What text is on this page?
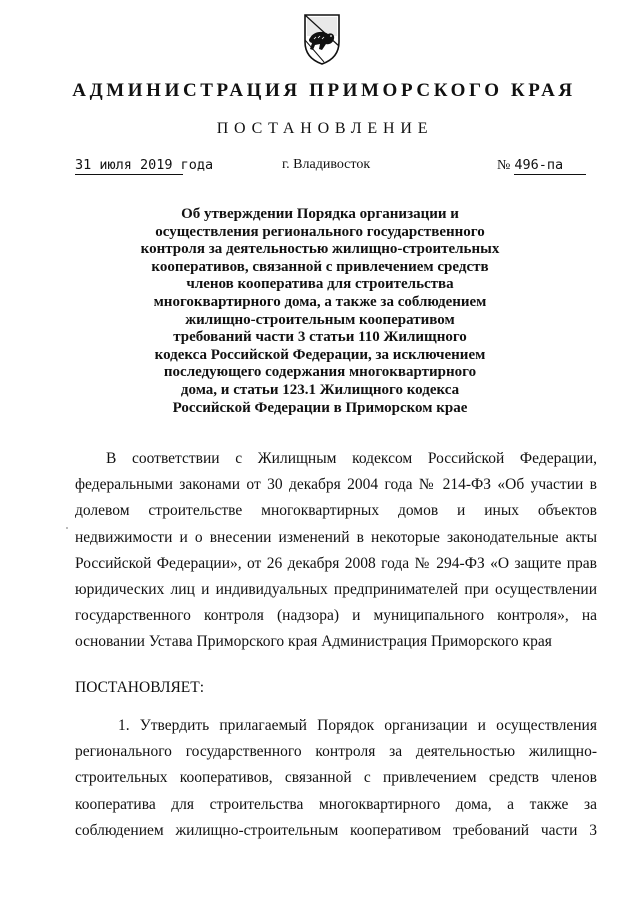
АДМИНИСТРАЦИЯ ПРИМОРСКОГО КРАЯ
ПОСТАНОВЛЕНИЕ
31 июля 2019 года	г. Владивосток	№ 496-па
Об утверждении Порядка организации и
осуществления регионального государственного
контроля за деятельностью жилищно-строительных
кооперативов, связанной с привлечением средств
членов кооператива для строительства
многоквартирного дома, а также за соблюдением
жилищно-строительным кооперативом
требований части 3 статьи 110 Жилищного
кодекса Российской Федерации, за исключением
последующего содержания многоквартирного
дома, и статьи 123.1 Жилищного кодекса
Российской Федерации в Приморском крае
В соответствии с Жилищным кодексом Российской Федерации,
федеральными законами от 30 декабря 2004 года № 214-ФЗ «Об участии в
долевом строительстве многоквартирных домов и иных объектов
недвижимости и о внесении изменений в некоторые законодательные акты
Российской Федерации», от 26 декабря 2008 года № 294-ФЗ «О защите прав
юридических лиц и индивидуальных предпринимателей при осуществлении
государственного контроля (надзора) и муниципального контроля», на
основании Устава Приморского края Администрация Приморского края
ПОСТАНОВЛЯЕТ:
1. Утвердить прилагаемый Порядок организации и осуществления
регионального государственного контроля за деятельностью жилищно-
строительных кооперативов, связанной с привлечением средств членов
кооператива для строительства многоквартирного дома, а также за
соблюдением жилищно-строительным кооперативом требований части 3
